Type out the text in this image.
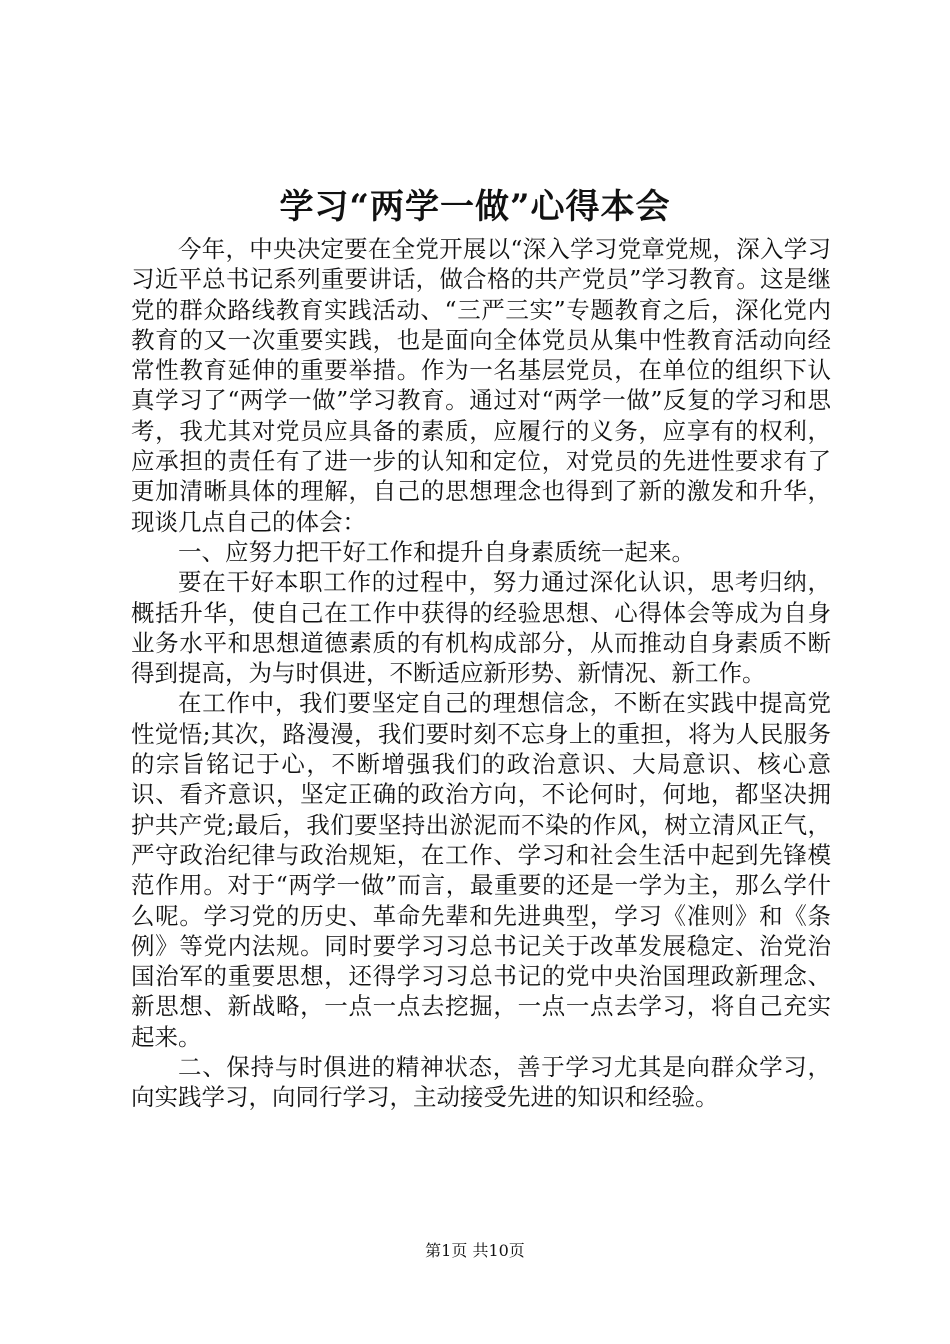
学习“两学一做”心得本会

今年，中央决定要在全党开展以“深入学习党章党规，深入学习习近平总书记系列重要讲话，做合格的共产党员”学习教育。这是继党的群众路线教育实践活动、“三严三实”专题教育之后，深化党内教育的又一次重要实践，也是面向全体党员从集中性教育活动向经常性教育延伸的重要举措。作为一名基层党员，在单位的组织下认真学习了“两学一做”学习教育。通过对“两学一做”反复的学习和思考，我尤其对党员应具备的素质，应履行的义务，应享有的权利，应承担的责任有了进一步的认知和定位，对党员的先进性要求有了更加清晰具体的理解，自己的思想理念也得到了新的激发和升华，现谈几点自己的体会：

一、应努力把干好工作和提升自身素质统一起来。

要在干好本职工作的过程中，努力通过深化认识，思考归纳，概括升华，使自己在工作中获得的经验思想、心得体会等成为自身业务水平和思想道德素质的有机构成部分，从而推动自身素质不断得到提高，为与时俱进，不断适应新形势、新情况、新工作。

在工作中，我们要坚定自己的理想信念，不断在实践中提高党性觉悟;其次，路漫漫，我们要时刻不忘身上的重担，将为人民服务的宗旨铭记于心，不断增强我们的政治意识、大局意识、核心意识、看齐意识，坚定正确的政治方向，不论何时，何地，都坚决拥护共产党;最后，我们要坚持出淤泥而不染的作风，树立清风正气，严守政治纪律与政治规矩，在工作、学习和社会生活中起到先锋模范作用。对于“两学一做”而言，最重要的还是一学为主，那么学什么呢。学习党的历史、革命先辈和先进典型，学习《准则》和《条例》等党内法规。同时要学习习总书记关于改革发展稳定、治党治国治军的重要思想，还得学习习总书记的党中央治国理政新理念、新思想、新战略，一点一点去挖掘，一点一点去学习，将自己充实起来。

二、保持与时俱进的精神状态，善于学习尤其是向群众学习，向实践学习，向同行学习，主动接受先进的知识和经验。

第1页 共10页
